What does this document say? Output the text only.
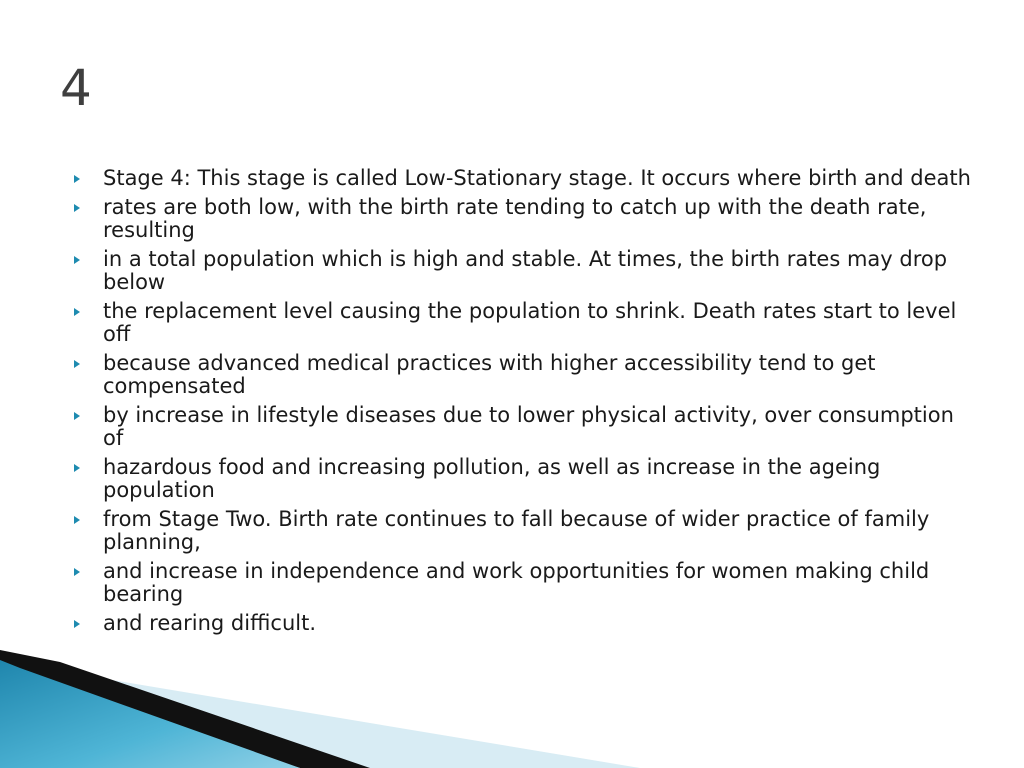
4
Stage 4: This stage is called Low-Stationary stage. It occurs where birth and death
rates are both low, with the birth rate tending to catch up with the death rate, resulting
in a total population which is high and stable. At times, the birth rates may drop below
the replacement level causing the population to shrink. Death rates start to level off
because advanced medical practices with higher accessibility tend to get compensated
by increase in lifestyle diseases due to lower physical activity, over consumption of
hazardous food and increasing pollution, as well as increase in the ageing population
from Stage Two. Birth rate continues to fall because of wider practice of family planning,
and increase in independence and work opportunities for women making child bearing
and rearing difficult.
